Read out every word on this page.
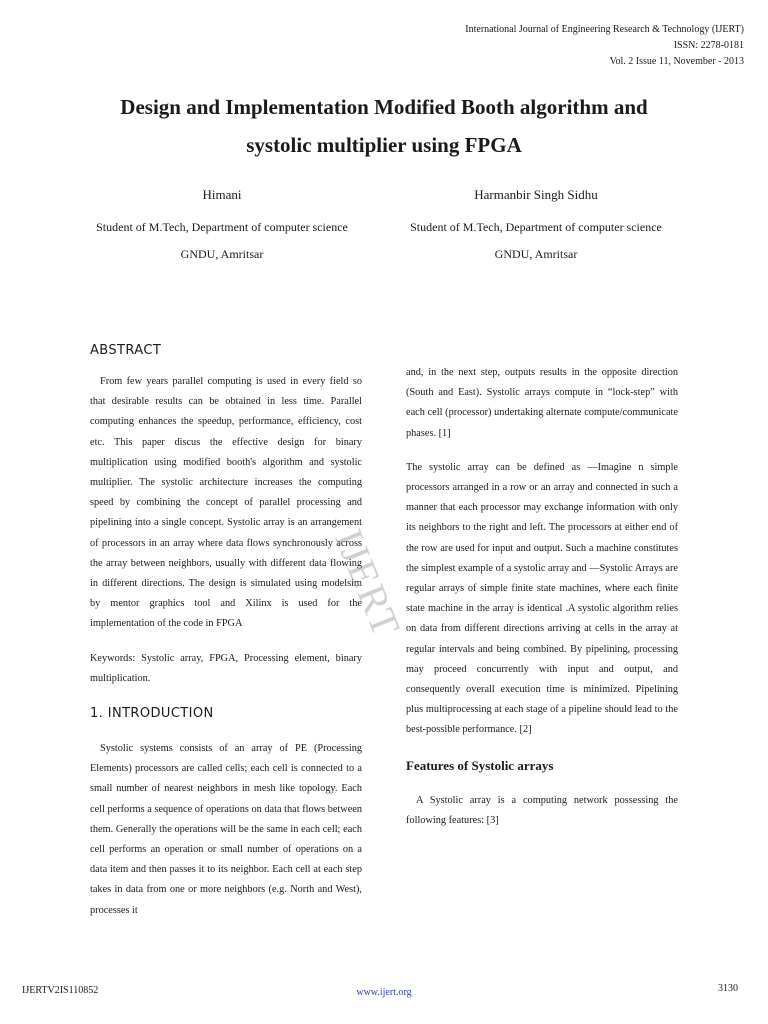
International Journal of Engineering Research & Technology (IJERT)
ISSN: 2278-0181
Vol. 2 Issue 11, November - 2013
Design and Implementation Modified Booth algorithm and
systolic multiplier using FPGA
Himani
Student of M.Tech, Department of computer science
GNDU, Amritsar
Harmanbir Singh Sidhu
Student of M.Tech, Department of computer science
GNDU, Amritsar
ABSTRACT

From few years parallel computing is used in every field so that desirable results can be obtained in less time. Parallel computing enhances the speedup, performance, efficiency, cost etc. This paper discus the effective design for binary multiplication using modified booth's algorithm and systolic multiplier. The systolic architecture increases the computing speed by combining the concept of parallel processing and pipelining into a single concept. Systolic array is an arrangement of processors in an array where data flows synchronously across the array between neighbors, usually with different data flowing in different directions. The design is simulated using modelsim by mentor graphics tool and Xilinx is used for the implementation of the code in FPGA

Keywords: Systolic array, FPGA, Processing element, binary multiplication.

1. INTRODUCTION

Systolic systems consists of an array of PE (Processing Elements) processors are called cells; each cell is connected to a small number of nearest neighbors in mesh like topology. Each cell performs a sequence of operations on data that flows between them. Generally the operations will be the same in each cell; each cell performs an operation or small number of operations on a data item and then passes it to its neighbor. Each cell at each step takes in data from one or more neighbors (e.g. North and West), processes it

and, in the next step, outputs results in the opposite direction (South and East). Systolic arrays compute in “lock-step” with each cell (processor) undertaking alternate compute/communicate phases. [1]

The systolic array can be defined as ―Imagine n simple processors arranged in a row or an array and connected in such a manner that each processor may exchange information with only its neighbors to the right and left. The processors at either end of the row are used for input and output. Such a machine constitutes the simplest example of a systolic array and ―Systolic Arrays are regular arrays of simple finite state machines, where each finite state machine in the array is identical .A systolic algorithm relies on data from different directions arriving at cells in the array at regular intervals and being combined. By pipelining, processing may proceed concurrently with input and output, and consequently overall execution time is minimized. Pipelining plus multiprocessing at each stage of a pipeline should lead to the best-possible performance. [2]

Features of Systolic arrays

A Systolic array is a computing network possessing the following features: [3]

IJERT
IJERTV2IS110852	www.ijert.org	3130
